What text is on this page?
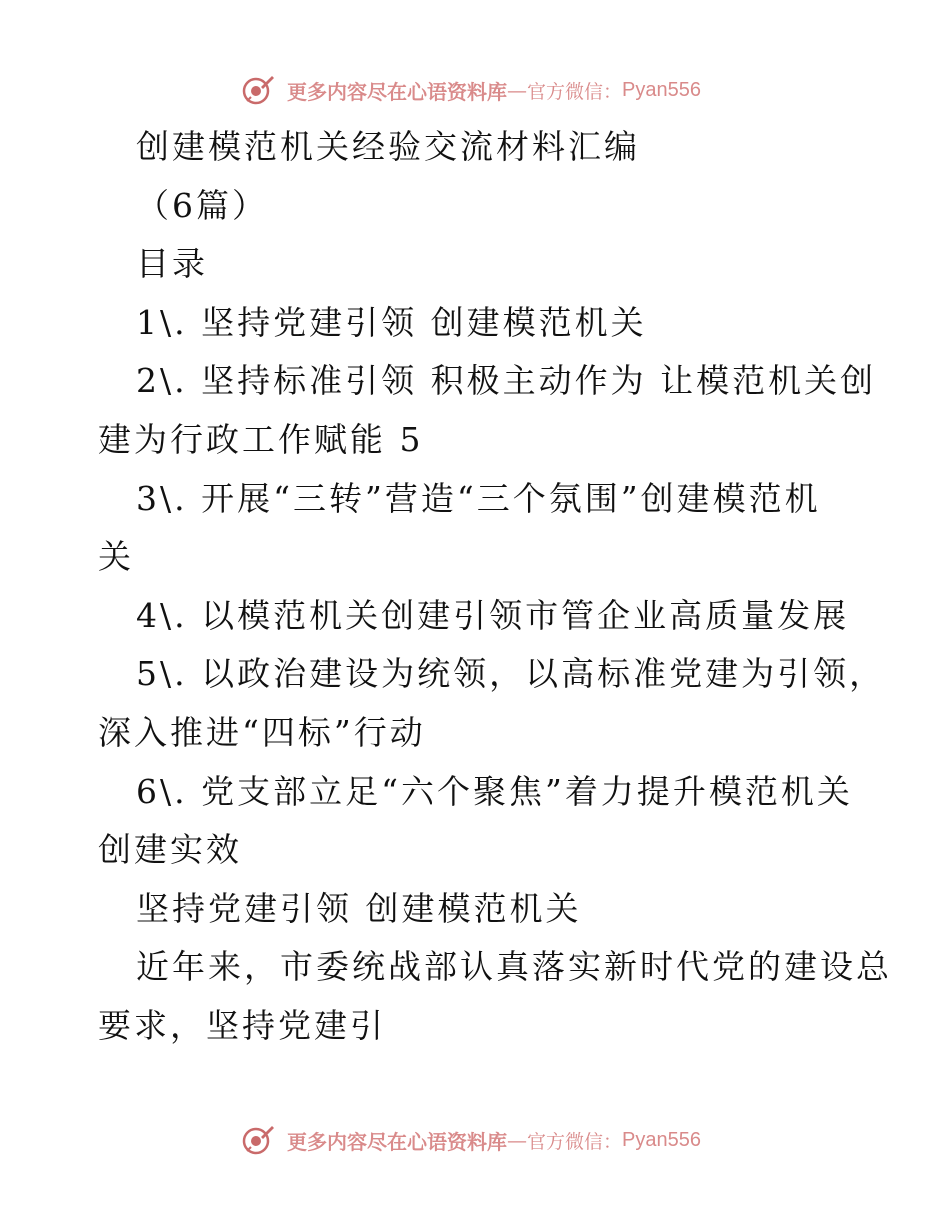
更多内容尽在心语资料库 — 官方微信： Pyan556
创建模范机关经验交流材料汇编
（6篇）
目录
1\. 坚持党建引领 创建模范机关
2\. 坚持标准引领 积极主动作为 让模范机关创
建为行政工作赋能 5
3\. 开展“三转”营造“三个氛围”创建模范机
关
4\. 以模范机关创建引领市管企业高质量发展
5\. 以政治建设为统领，以高标准党建为引领，
深入推进“四标”行动
6\. 党支部立足“六个聚焦”着力提升模范机关
创建实效
坚持党建引领 创建模范机关
近年来，市委统战部认真落实新时代党的建设总
要求，坚持党建引
更多内容尽在心语资料库 — 官方微信： Pyan556
